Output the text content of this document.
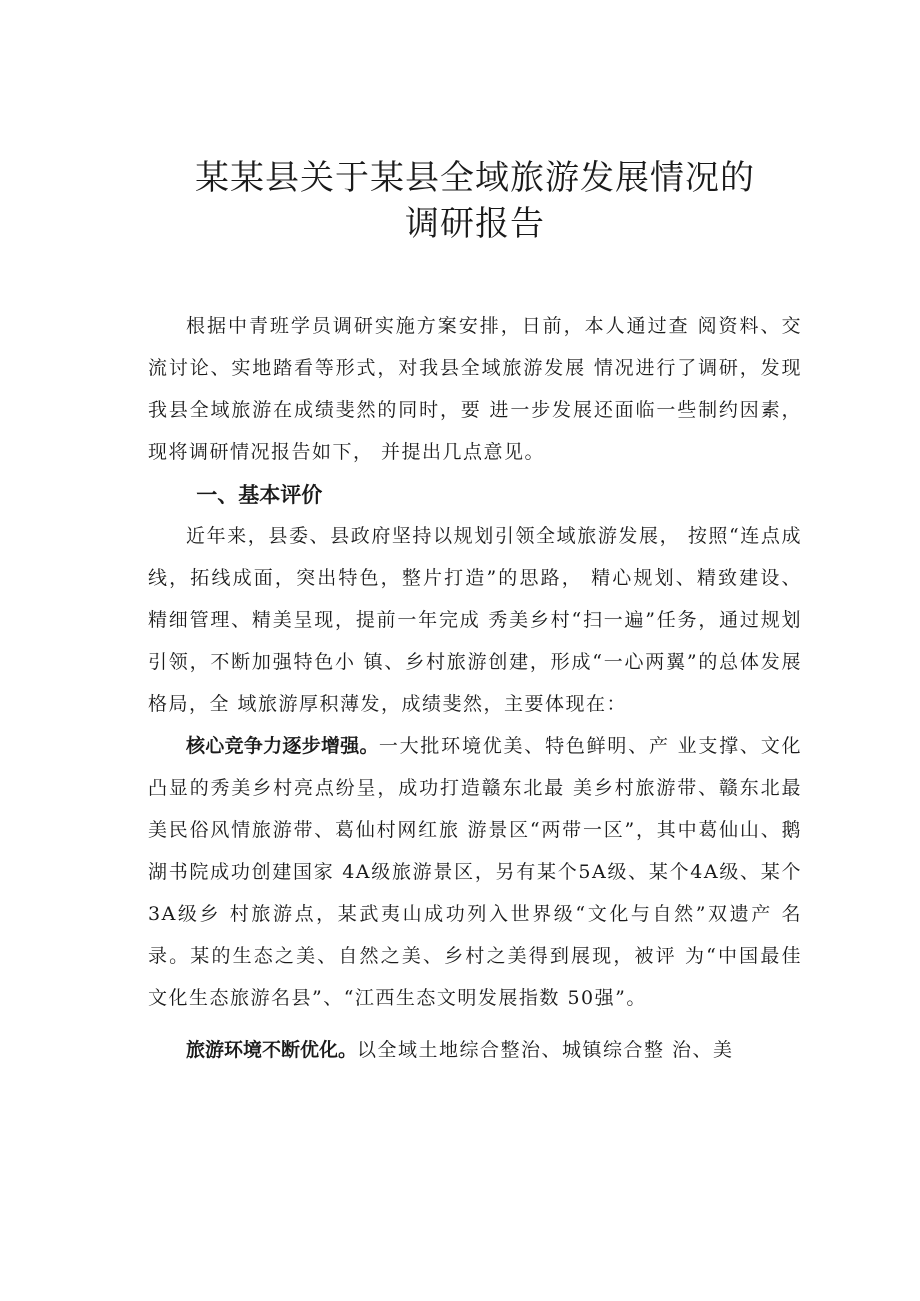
某某县关于某县全域旅游发展情况的
调研报告

根据中青班学员调研实施方案安排，日前，本人通过查 阅资料、交流讨论、实地踏看等形式，对我县全域旅游发展 情况进行了调研，发现我县全域旅游在成绩斐然的同时，要 进一步发展还面临一些制约因素，现将调研情况报告如下， 并提出几点意见。

一、基本评价

近年来，县委、县政府坚持以规划引领全域旅游发展， 按照“连点成线，拓线成面，突出特色，整片打造”的思路， 精心规划、精致建设、精细管理、精美呈现，提前一年完成 秀美乡村“扫一遍”任务，通过规划引领，不断加强特色小 镇、乡村旅游创建，形成“一心两翼”的总体发展格局，全 域旅游厚积薄发，成绩斐然，主要体现在：

核心竞争力逐步增强。一大批环境优美、特色鲜明、产 业支撑、文化凸显的秀美乡村亮点纷呈，成功打造赣东北最 美乡村旅游带、赣东北最美民俗风情旅游带、葛仙村网红旅 游景区“两带一区”，其中葛仙山、鹅湖书院成功创建国家 4A级旅游景区，另有某个5A级、某个4A级、某个3A级乡 村旅游点，某武夷山成功列入世界级“文化与自然”双遗产 名录。某的生态之美、自然之美、乡村之美得到展现，被评 为“中国最佳文化生态旅游名县”、“江西生态文明发展指数 50强”。

旅游环境不断优化。以全域土地综合整治、城镇综合整 治、美
